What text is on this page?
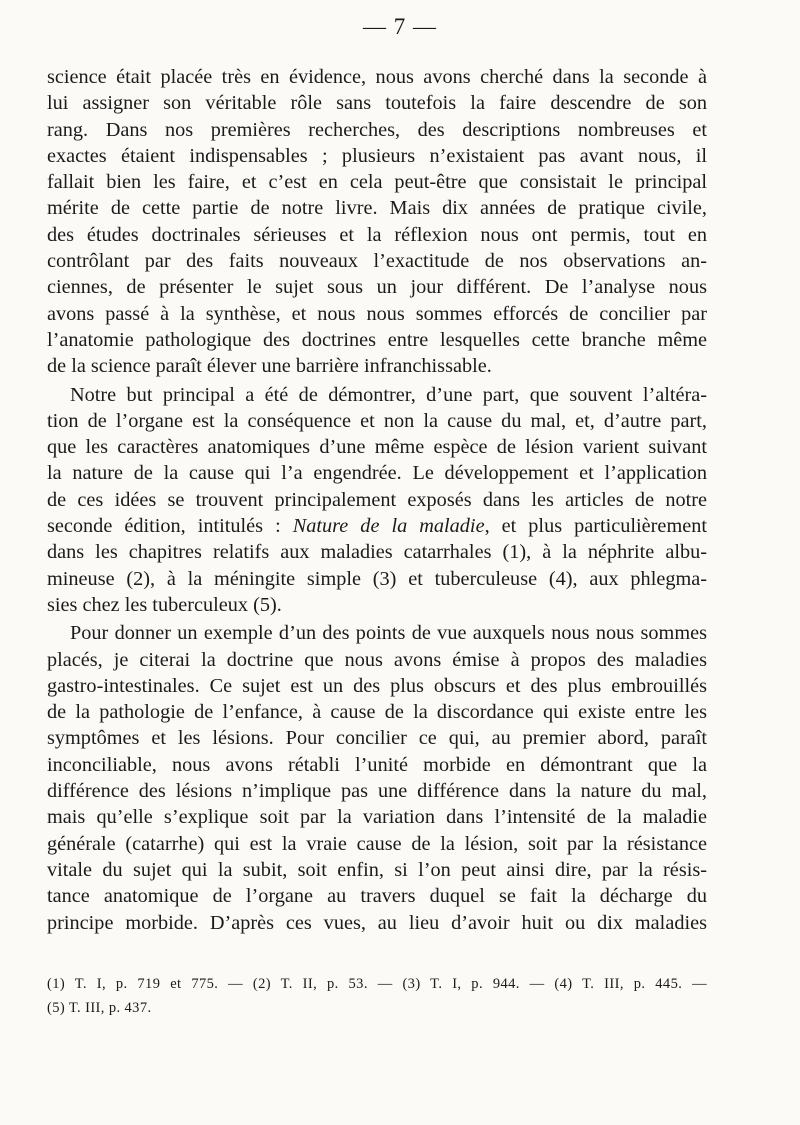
— 7 —
science était placée très en évidence, nous avons cherché dans la seconde à
lui assigner son véritable rôle sans toutefois la faire descendre de son
rang. Dans nos premières recherches, des descriptions nombreuses et
exactes étaient indispensables ; plusieurs n’existaient pas avant nous, il
fallait bien les faire, et c’est en cela peut-être que consistait le principal
mérite de cette partie de notre livre. Mais dix années de pratique civile,
des études doctrinales sérieuses et la réflexion nous ont permis, tout en
contrôlant par des faits nouveaux l’exactitude de nos observations an-
ciennes, de présenter le sujet sous un jour différent. De l’analyse nous
avons passé à la synthèse, et nous nous sommes efforcés de concilier par
l’anatomie pathologique des doctrines entre lesquelles cette branche même
de la science paraît élever une barrière infranchissable.
Notre but principal a été de démontrer, d’une part, que souvent l’altéra-
tion de l’organe est la conséquence et non la cause du mal, et, d’autre part,
que les caractères anatomiques d’une même espèce de lésion varient suivant
la nature de la cause qui l’a engendrée. Le développement et l’application
de ces idées se trouvent principalement exposés dans les articles de notre
seconde édition, intitulés : Nature de la maladie, et plus particulièrement
dans les chapitres relatifs aux maladies catarrhales (1), à la néphrite albu-
mineuse (2), à la méningite simple (3) et tuberculeuse (4), aux phlegma-
sies chez les tuberculeux (5).
Pour donner un exemple d’un des points de vue auxquels nous nous sommes
placés, je citerai la doctrine que nous avons émise à propos des maladies
gastro-intestinales. Ce sujet est un des plus obscurs et des plus embrouillés
de la pathologie de l’enfance, à cause de la discordance qui existe entre les
symptômes et les lésions. Pour concilier ce qui, au premier abord, paraît
inconciliable, nous avons rétabli l’unité morbide en démontrant que la
différence des lésions n’implique pas une différence dans la nature du mal,
mais qu’elle s’explique soit par la variation dans l’intensité de la maladie
générale (catarrhe) qui est la vraie cause de la lésion, soit par la résistance
vitale du sujet qui la subit, soit enfin, si l’on peut ainsi dire, par la résis-
tance anatomique de l’organe au travers duquel se fait la décharge du
principe morbide. D’après ces vues, au lieu d’avoir huit ou dix maladies
(1) T. I, p. 719 et 775. — (2) T. II, p. 53. — (3) T. I, p. 944. — (4) T. III, p. 445. —
(5) T. III, p. 437.
